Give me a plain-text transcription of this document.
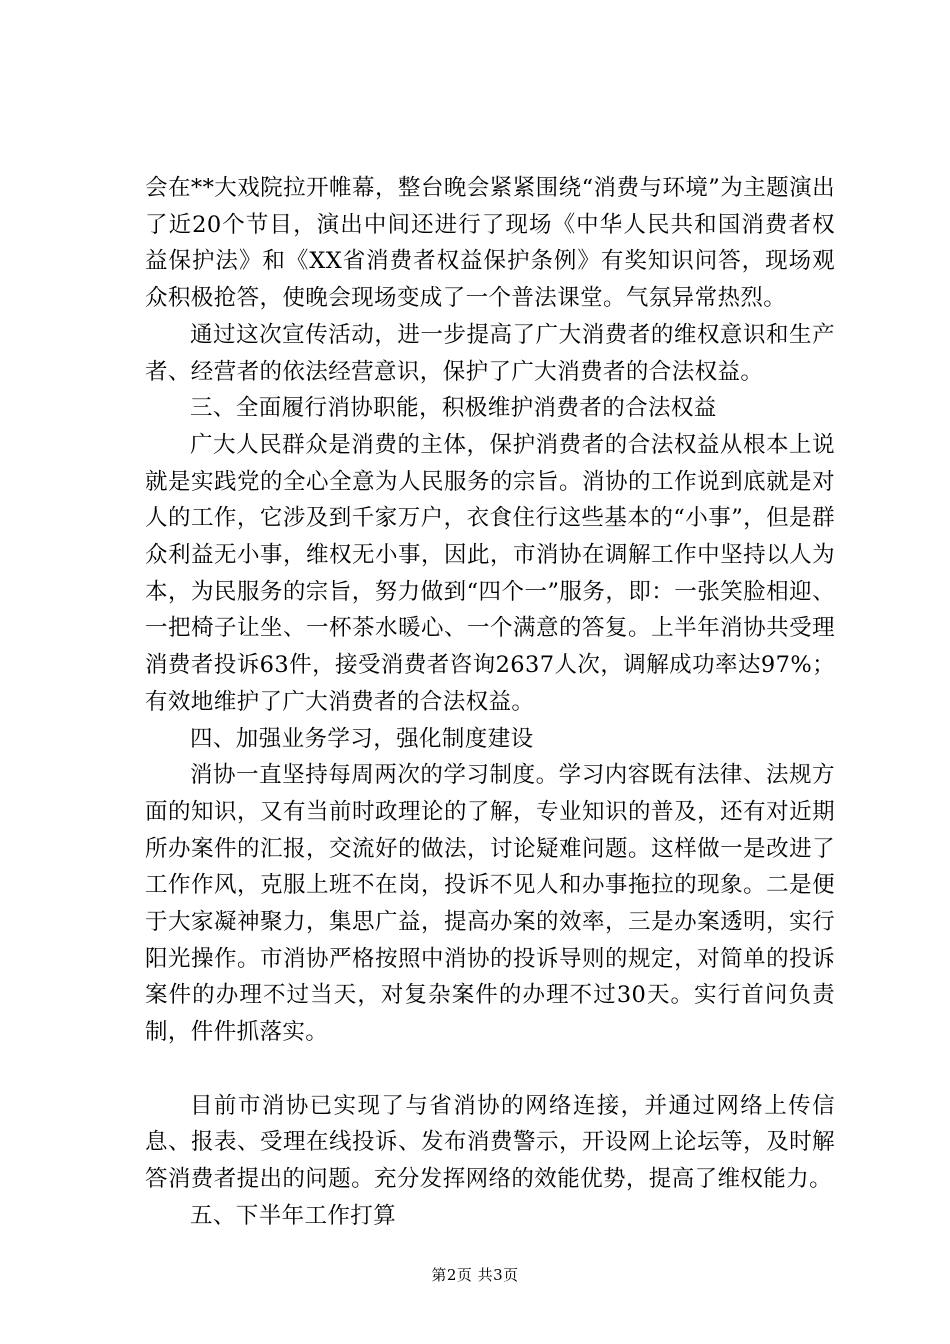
会在**大戏院拉开帷幕，整台晚会紧紧围绕“消费与环境”为主题演出了近20个节目，演出中间还进行了现场《中华人民共和国消费者权益保护法》和《XX省消费者权益保护条例》有奖知识问答，现场观众积极抢答，使晚会现场变成了一个普法课堂。气氛异常热烈。

通过这次宣传活动，进一步提高了广大消费者的维权意识和生产者、经营者的依法经营意识，保护了广大消费者的合法权益。

三、全面履行消协职能，积极维护消费者的合法权益

广大人民群众是消费的主体，保护消费者的合法权益从根本上说就是实践党的全心全意为人民服务的宗旨。消协的工作说到底就是对人的工作，它涉及到千家万户，衣食住行这些基本的“小事”，但是群众利益无小事，维权无小事，因此，市消协在调解工作中坚持以人为本，为民服务的宗旨，努力做到“四个一”服务，即：一张笑脸相迎、一把椅子让坐、一杯茶水暖心、一个满意的答复。上半年消协共受理消费者投诉63件，接受消费者咨询2637人次，调解成功率达97%；有效地维护了广大消费者的合法权益。

四、加强业务学习，强化制度建设

消协一直坚持每周两次的学习制度。学习内容既有法律、法规方面的知识，又有当前时政理论的了解，专业知识的普及，还有对近期所办案件的汇报，交流好的做法，讨论疑难问题。这样做一是改进了工作作风，克服上班不在岗，投诉不见人和办事拖拉的现象。二是便于大家凝神聚力，集思广益，提高办案的效率，三是办案透明，实行阳光操作。市消协严格按照中消协的投诉导则的规定，对简单的投诉案件的办理不过当天，对复杂案件的办理不过30天。实行首问负责制，件件抓落实。

目前市消协已实现了与省消协的网络连接，并通过网络上传信息、报表、受理在线投诉、发布消费警示，开设网上论坛等，及时解答消费者提出的问题。充分发挥网络的效能优势，提高了维权能力。

五、下半年工作打算

第2页 共3页
